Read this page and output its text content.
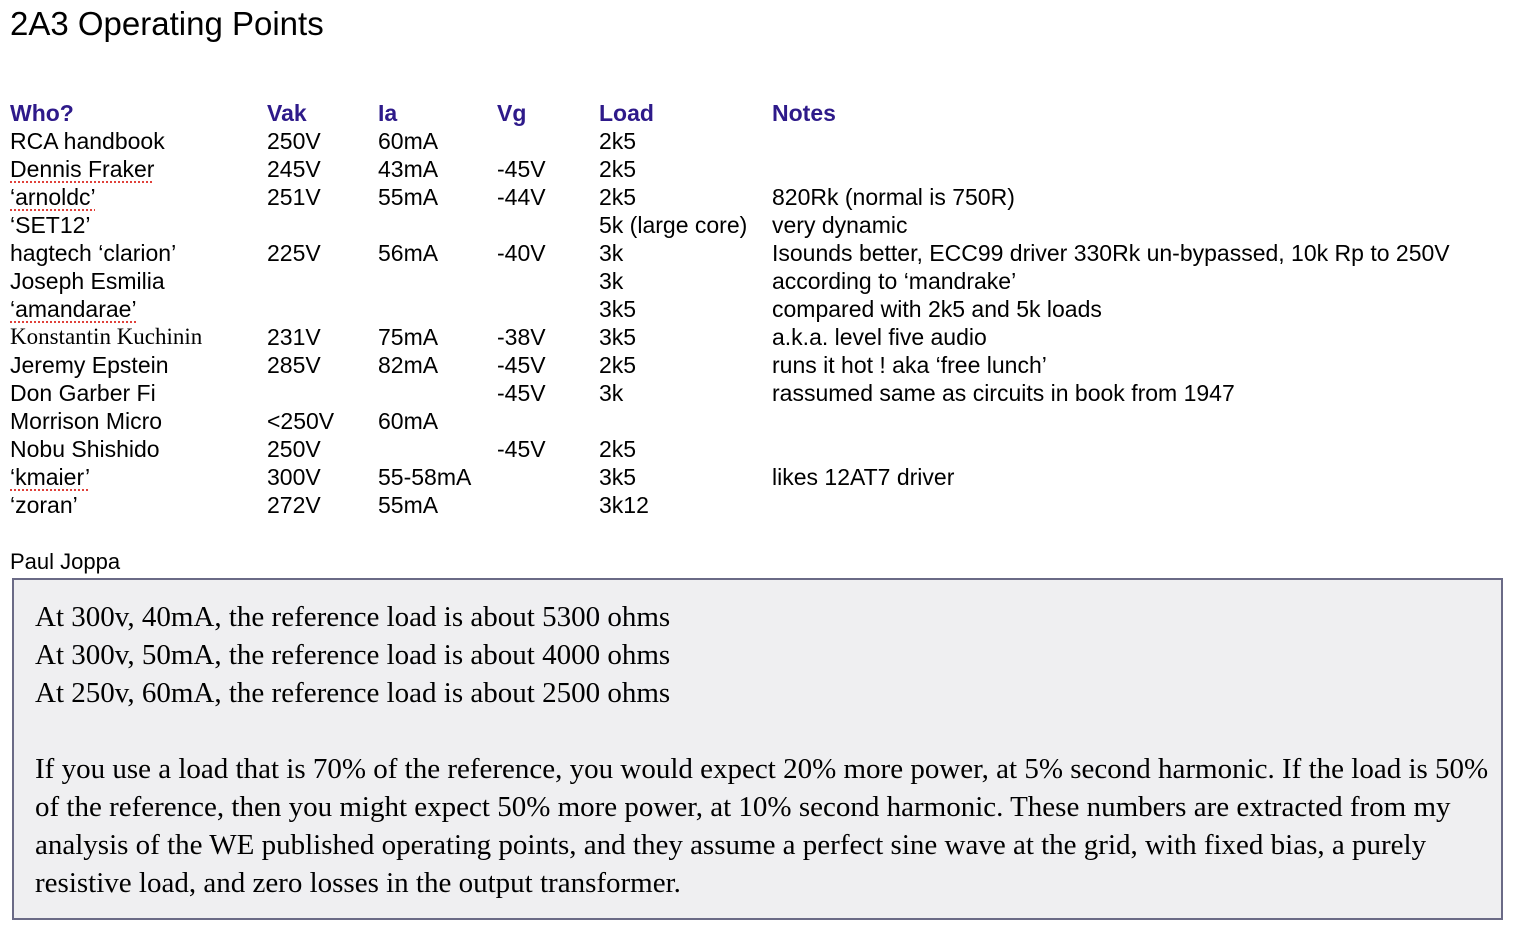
2A3 Operating Points
Who?	Vak	Ia	Vg	Load	Notes
RCA handbook	250V	60mA		2k5	
Dennis Fraker	245V	43mA	-45V	2k5	
‘arnoldc’	251V	55mA	-44V	2k5	820Rk (normal is 750R)
‘SET12’				5k (large core)	very dynamic
hagtech ‘clarion’	225V	56mA	-40V	3k	Isounds better, ECC99 driver 330Rk un-bypassed, 10k Rp to 250V
Joseph Esmilia				3k	according to ‘mandrake’
‘amandarae’				3k5	compared with 2k5 and 5k loads
Konstantin Kuchinin	231V	75mA	-38V	3k5	a.k.a. level five audio
Jeremy Epstein	285V	82mA	-45V	2k5	runs it hot ! aka ‘free lunch’
Don Garber Fi			-45V	3k	rassumed same as circuits in book from 1947
Morrison Micro	<250V	60mA			
Nobu Shishido	250V		-45V	2k5	
‘kmaier’	300V	55-58mA		3k5	likes 12AT7 driver
‘zoran’	272V	55mA		3k12	
Paul Joppa
At 300v, 40mA, the reference load is about 5300 ohms
At 300v, 50mA, the reference load is about 4000 ohms
At 250v, 60mA, the reference load is about 2500 ohms
If you use a load that is 70% of the reference, you would expect 20% more power, at 5% second harmonic. If the load is 50% of the reference, then you might expect 50% more power, at 10% second harmonic. These numbers are extracted from my analysis of the WE published operating points, and they assume a perfect sine wave at the grid, with fixed bias, a purely resistive load, and zero losses in the output transformer.
